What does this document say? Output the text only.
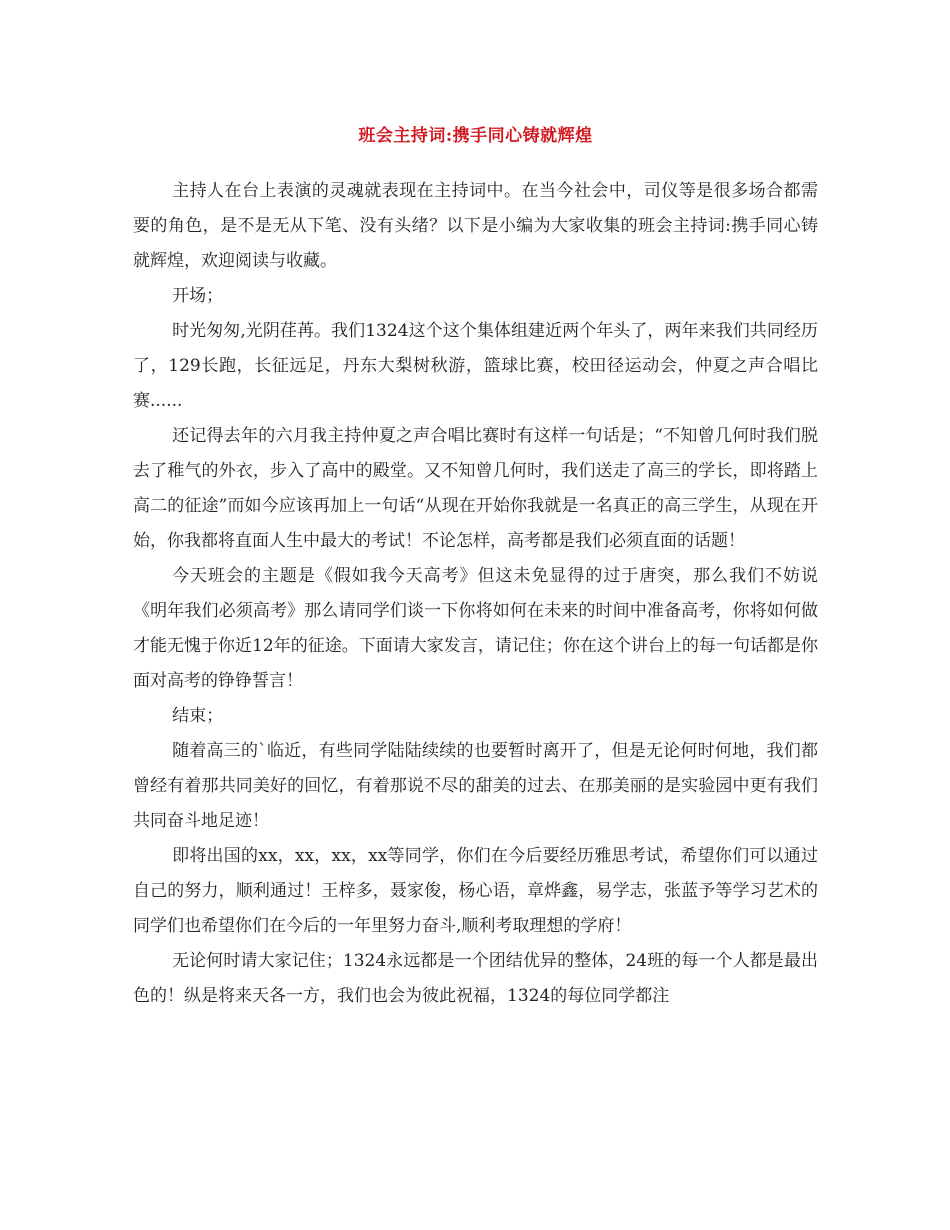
班会主持词:携手同心铸就辉煌

主持人在台上表演的灵魂就表现在主持词中。在当今社会中，司仪等是很多场合都需要的角色，是不是无从下笔、没有头绪？以下是小编为大家收集的班会主持词:携手同心铸就辉煌，欢迎阅读与收藏。

开场；

时光匆匆,光阴荏苒。我们1324这个这个集体组建近两个年头了，两年来我们共同经历了，129长跑，长征远足，丹东大梨树秋游，篮球比赛，校田径运动会，仲夏之声合唱比赛......

还记得去年的六月我主持仲夏之声合唱比赛时有这样一句话是；“不知曾几何时我们脱去了稚气的外衣，步入了高中的殿堂。又不知曾几何时，我们送走了高三的学长，即将踏上高二的征途”而如今应该再加上一句话“从现在开始你我就是一名真正的高三学生，从现在开始，你我都将直面人生中最大的考试！不论怎样，高考都是我们必须直面的话题！

今天班会的主题是《假如我今天高考》但这未免显得的过于唐突，那么我们不妨说《明年我们必须高考》那么请同学们谈一下你将如何在未来的时间中准备高考，你将如何做才能无愧于你近12年的征途。下面请大家发言，请记住；你在这个讲台上的每一句话都是你面对高考的铮铮誓言！

结束；

随着高三的`临近，有些同学陆陆续续的也要暂时离开了，但是无论何时何地，我们都曾经有着那共同美好的回忆，有着那说不尽的甜美的过去、在那美丽的是实验园中更有我们共同奋斗地足迹！

即将出国的xx，xx，xx，xx等同学，你们在今后要经历雅思考试，希望你们可以通过自己的努力，顺利通过！王梓多，聂家俊，杨心语，章烨鑫，易学志，张蓝予等学习艺术的同学们也希望你们在今后的一年里努力奋斗,顺利考取理想的学府！

无论何时请大家记住；1324永远都是一个团结优异的整体，24班的每一个人都是最出色的！纵是将来天各一方，我们也会为彼此祝福，1324的每位同学都注
